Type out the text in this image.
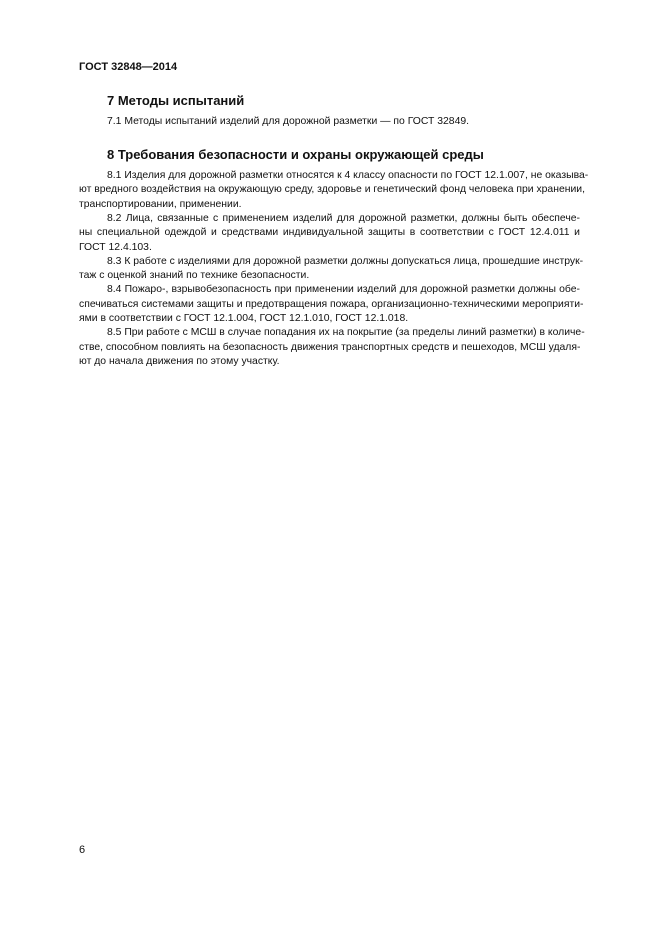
ГОСТ 32848—2014
7 Методы испытаний
7.1 Методы испытаний изделий для дорожной разметки — по ГОСТ 32849.
8 Требования безопасности и охраны окружающей среды
8.1 Изделия для дорожной разметки относятся к 4 классу опасности по ГОСТ 12.1.007, не оказыва-
ют вредного воздействия на окружающую среду, здоровье и генетический фонд человека при хранении,
транспортировании, применении.
8.2 Лица, связанные с применением изделий для дорожной разметки, должны быть обеспече-
ны специальной одеждой и средствами индивидуальной защиты в соответствии с ГОСТ 12.4.011 и
ГОСТ 12.4.103.
8.3 К работе с изделиями для дорожной разметки должны допускаться лица, прошедшие инструк-
таж с оценкой знаний по технике безопасности.
8.4 Пожаро-, взрывобезопасность при применении изделий для дорожной разметки должны обе-
спечиваться системами защиты и предотвращения пожара, организационно-техническими мероприяти-
ями в соответствии с ГОСТ 12.1.004, ГОСТ 12.1.010, ГОСТ 12.1.018.
8.5 При работе с МСШ в случае попадания их на покрытие (за пределы линий разметки) в количе-
стве, способном повлиять на безопасность движения транспортных средств и пешеходов, МСШ удаля-
ют до начала движения по этому участку.
6
